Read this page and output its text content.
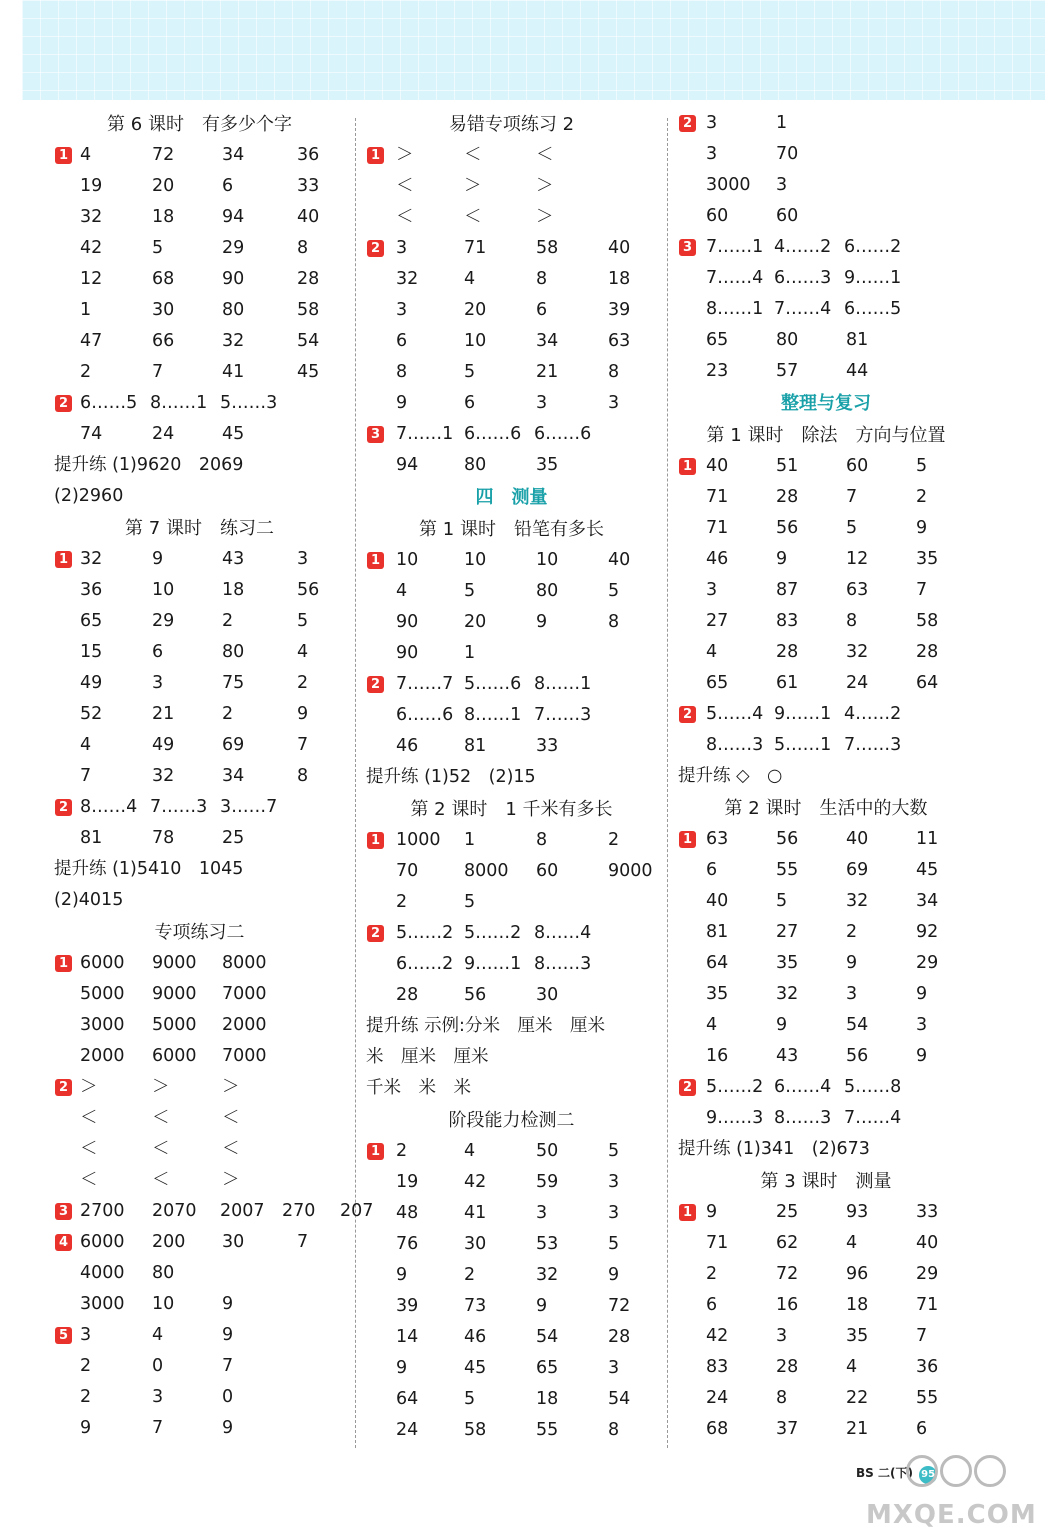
第 6 课时　有多少个字
1 4	72	34	36
19	20	6	33
32	18	94	40
42	5	29	8
12	68	90	28
1	30	80	58
47	66	32	54
2	7	41	45
2 6……5 8……1 5……3
74	24	45
提升练 (1)9620　2069
(2)2960
第 7 课时　练习二
1 32	9	43	3
36	10	18	56
65	29	2	5
15	6	80	4
49	3	75	2
52	21	2	9
4	49	69	7
7	32	34	8
2 8……4 7……3 3……7
81	78	25
提升练 (1)5410　1045
(2)4015
专项练习二
1 6000 9000 8000
5000 9000 7000
3000 5000 2000
2000 6000 7000
2 ＞	＞	＞
＜	＜	＜
＜	＜	＜
＜	＜	＞
3 2700 2070 2007 270 207
4 6000 200 30	7
4000 80
3000 10	9
5 3	4	9
2	0	7
2	3	0
9	7	9
易错专项练习 2
1 ＞	＜	＜
＜	＞	＞
＜	＜	＞
2 3	71	58	40
32	4	8	18
3	20	6	39
6	10	34	63
8	5	21	8
9	6	3	3
3 7……1 6……6 6……6
94	80	35
四　测量
第 1 课时　铅笔有多长
1 10	10	10	40
4	5	80	5
90	20	9	8
90	1
2 7……7 5……6 8……1
6……6 8……1 7……3
46	81	33
提升练 (1)52　(2)15
第 2 课时　1 千米有多长
1 1000 1	8	2
70	8000 60	9000
2	5
2 5……2 5……2 8……4
6……2 9……1 8……3
28	56	30
提升练 示例:分米　厘米　厘米
米　厘米　厘米
千米　米　米
阶段能力检测二
1 2	4	50	5
19	42	59	3
48	41	3	3
76	30	53	5
9	2	32	9
39	73	9	72
14	46	54	28
9	45	65	3
64	5	18	54
24	58	55	8
2 3	1
3	70
3000 3
60	60
3 7……1 4……2 6……2
7……4 6……3 9……1
8……1 7……4 6……5
65	80	81
23	57	44
整理与复习
第 1 课时　除法　方向与位置
1 40	51	60	5
71	28	7	2
71	56	5	9
46	9	12	35
3	87	63	7
27	83	8	58
4	28	32	28
65	61	24	64
2 5……4 9……1 4……2
8……3 5……1 7……3
提升练 ◇　○
第 2 课时　生活中的大数
1 63	56	40	11
6	55	69	45
40	5	32	34
81	27	2	92
64	35	9	29
35	32	3	9
4	9	54	3
16	43	56	9
2 5……2 6……4 5……8
9……3 8……3 7……4
提升练 (1)341　(2)673
第 3 课时　测量
1 9	25	93	33
71	62	4	40
2	72	96	29
6	16	18	71
42	3	35	7
83	28	4	36
24	8	22	55
68	37	21	6
BS 二(下) 95
MXQE.COM
